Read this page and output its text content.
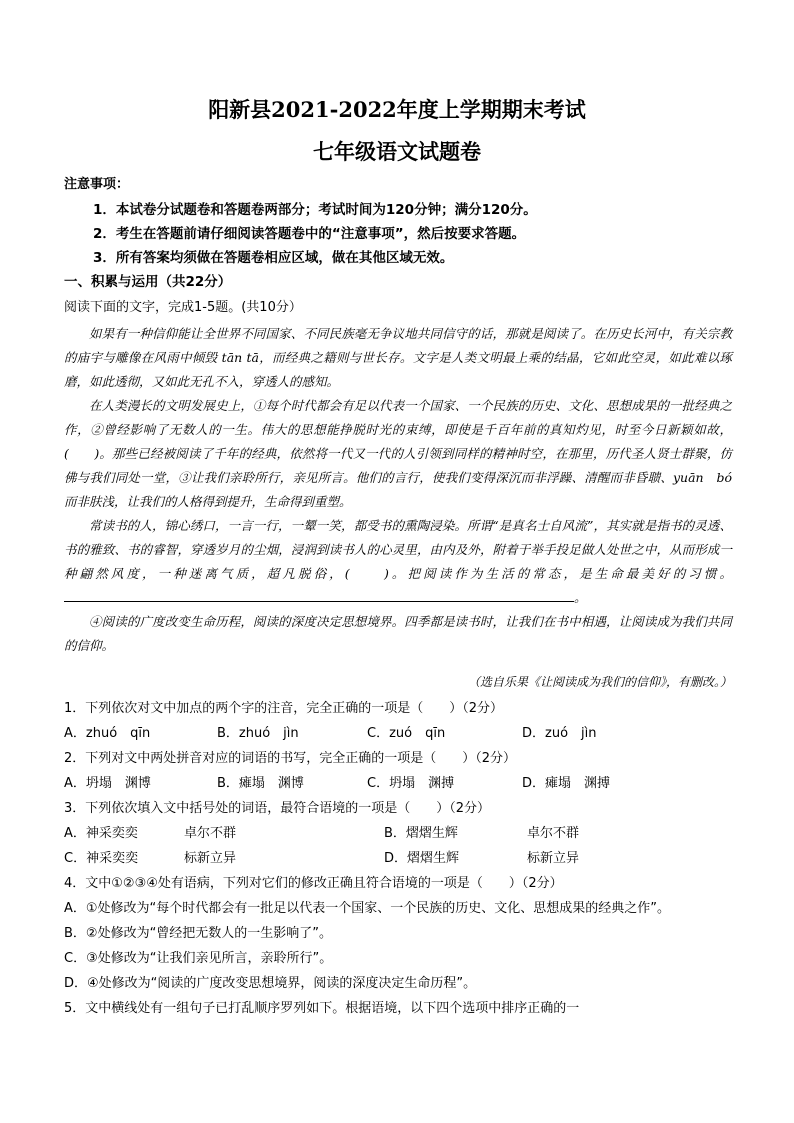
阳新县2021-2022年度上学期期末考试
七年级语文试题卷
注意事项：
1．本试卷分试题卷和答题卷两部分；考试时间为120分钟；满分120分。
2．考生在答题前请仔细阅读答题卷中的“注意事项”，然后按要求答题。
3．所有答案均须做在答题卷相应区域，做在其他区域无效。
一、积累与运用（共22分）
阅读下面的文字，完成1-5题。(共10分）

如果有一种信仰能让全世界不同国家、不同民族毫无争议地共同信守的话，那就是阅读了。在历史长河中，有关宗教的庙宇与雕像在风雨中倾毁 tān tā，而经典之籍则与世长存。文字是人类文明最上乘的结晶，它如此空灵，如此难以琢磨，如此透彻，又如此无孔不入，穿透人的感知。

在人类漫长的文明发展史上，①每个时代都会有足以代表一个国家、一个民族的历史、文化、思想成果的一批经典之作，②曾经影响了无数人的一生。伟大的思想能挣脱时光的束缚，即使是千百年前的真知灼见，时至今日新颖如故，(　　)。那些已经被阅读了千年的经典，依然将一代又一代的人引领到同样的精神时空，在那里，历代圣人贤士群聚，仿佛与我们同处一堂，③让我们亲聆所行，亲见所言。他们的言行，使我们变得深沉而非浮躁、清醒而非昏聩、yuān　bó 而非肤浅，让我们的人格得到提升，生命得到重塑。

常读书的人，锦心绣口，一言一行，一颦一笑，都受书的熏陶浸染。所谓“是真名士自风流”，其实就是指书的灵透、书的雅致、书的睿智，穿透岁月的尘烟，浸润到读书人的心灵里，由内及外，附着于举手投足做人处世之中，从而形成一种翩然风度，一种迷离气质，超凡脱俗，(　　)。把阅读作为生活的常态，是生命最美好的习惯。。

④阅读的广度改变生命历程，阅读的深度决定思想境界。四季都是读书时，让我们在书中相遇，让阅读成为我们共同的信仰。

（选自乐果《让阅读成为我们的信仰》，有删改。）
1．下列依次对文中加点的两个字的注音，完全正确的一项是（　　）（2分）
A．zhuó　qīn	B．zhuó　jìn	C．zuó　qīn	D．zuó　jìn
2．下列对文中两处拼音对应的词语的书写，完全正确的一项是（　　）（2分）
A．坍塌　渊博	B．瘫塌　渊博	C．坍塌　渊搏	D．瘫塌　渊搏
3．下列依次填入文中括号处的词语，最符合语境的一项是（　　）（2分）
A．神采奕奕	卓尔不群	B．熠熠生辉	卓尔不群
C．神采奕奕	标新立异	D．熠熠生辉	标新立异
4．文中①②③④处有语病，下列对它们的修改正确且符合语境的一项是（　　）（2分）
A．①处修改为“每个时代都会有一批足以代表一个国家、一个民族的历史、文化、思想成果的经典之作”。
B．②处修改为“曾经把无数人的一生影响了”。
C．③处修改为“让我们亲见所言，亲聆所行”。
D．④处修改为“阅读的广度改变思想境界，阅读的深度决定生命历程”。
5．文中横线处有一组句子已打乱顺序罗列如下。根据语境，以下四个选项中排序正确的一
